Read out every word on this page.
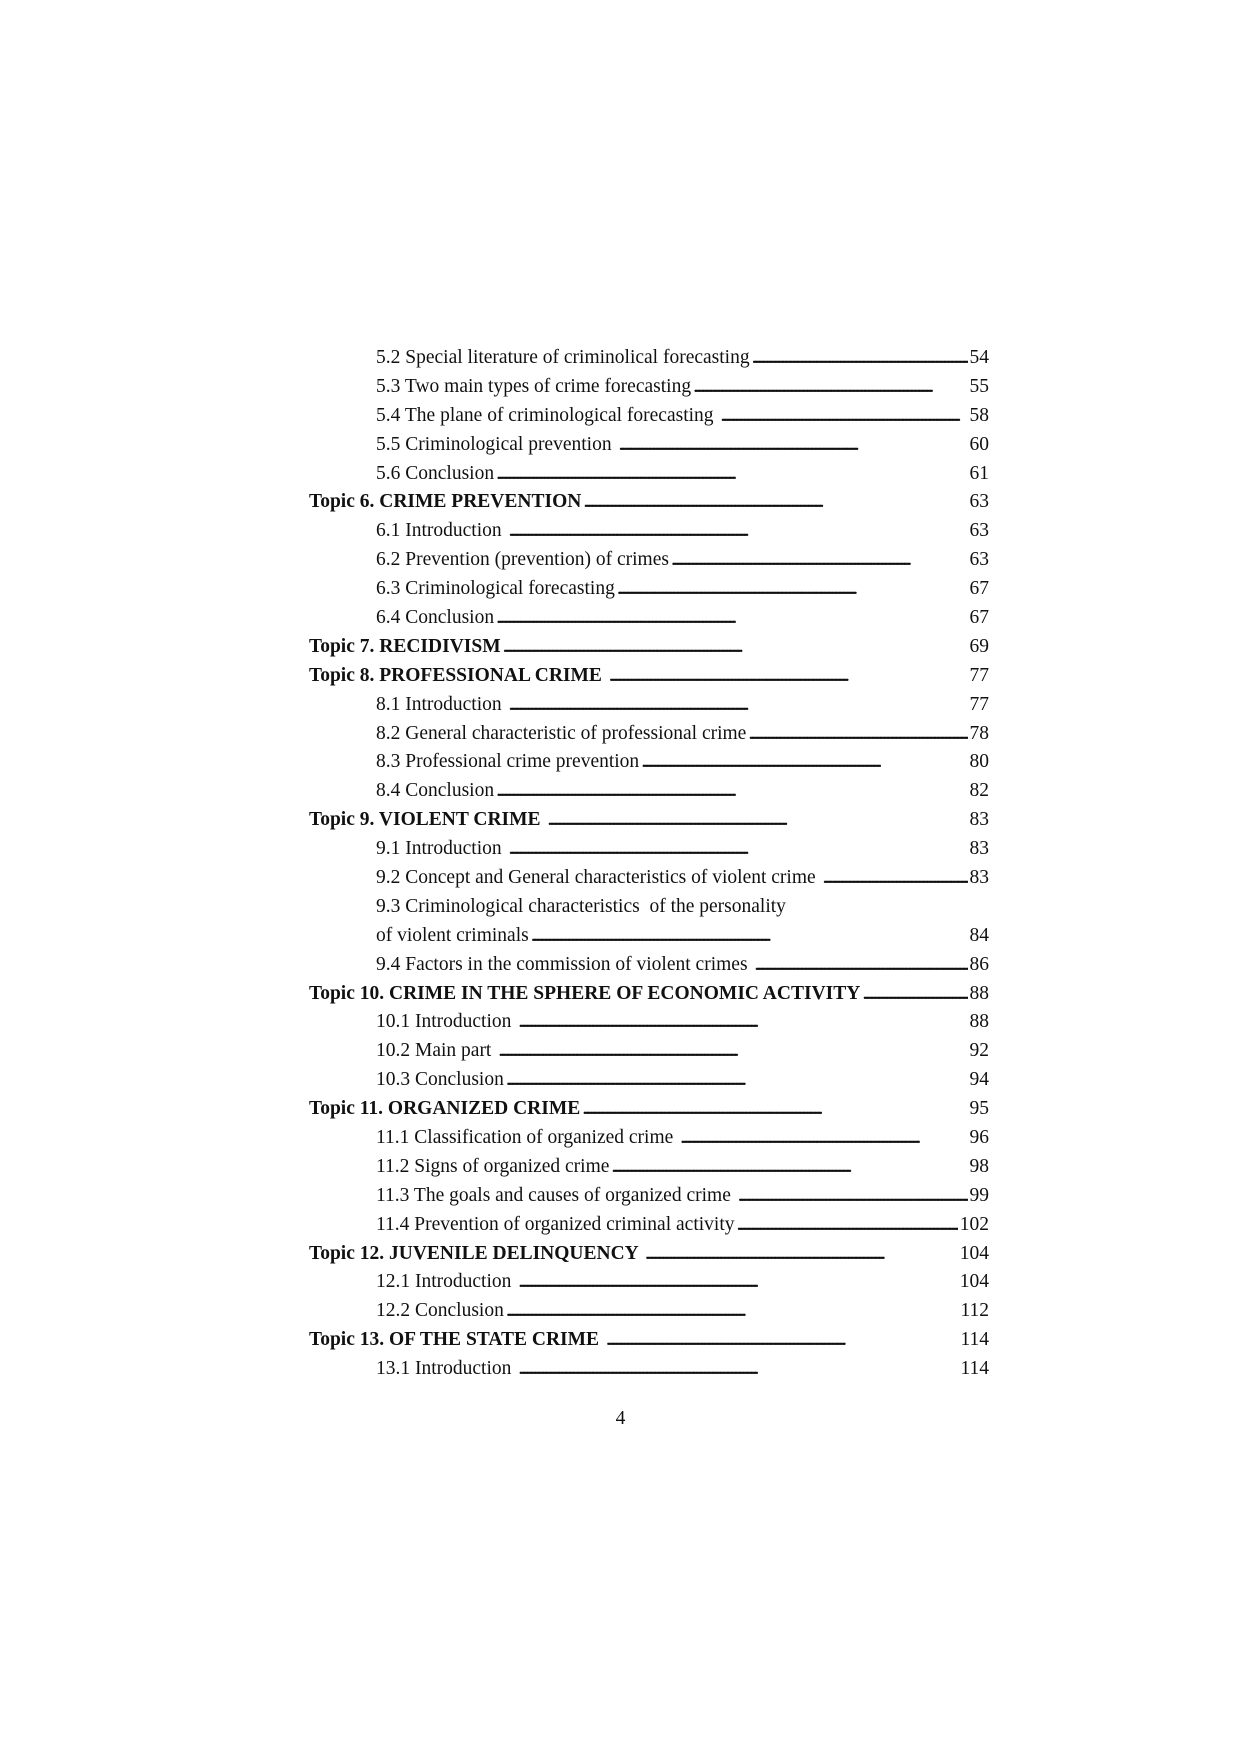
5.2 Special literature of criminolical forecasting . . .	54
5.3 Two main types of crime forecasting . . .	55
5.4 The plane of criminological forecasting . . .	58
5.5 Criminological prevention . . .	60
5.6 Conclusion . . .	61
Topic 6. CRIME PREVENTION . . .	63
6.1 Introduction . . .	63
6.2 Prevention (prevention) of crimes . . .	63
6.3 Criminological forecasting . . .	67
6.4 Conclusion . . .	67
Topic 7. RECIDIVISM . . .	69
Topic 8. PROFESSIONAL CRIME . . .	77
8.1 Introduction . . .	77
8.2 General characteristic of professional crime . . .	78
8.3 Professional crime prevention . . .	80
8.4 Conclusion . . .	82
Topic 9. VIOLENT CRIME . . .	83
9.1 Introduction . . .	83
9.2 Concept and General characteristics of violent crime . . .	83
9.3 Criminological characteristics  of the personality
of violent criminals . . .	84
9.4 Factors in the commission of violent crimes . . .	86
Topic 10. CRIME IN THE SPHERE OF ECONOMIC ACTIVITY . . .	88
10.1 Introduction . . .	88
10.2 Main part . . .	92
10.3 Conclusion . . .	94
Topic 11. ORGANIZED CRIME . . .	95
11.1 Classification of organized crime . . .	96
11.2 Signs of organized crime . . .	98
11.3 The goals and causes of organized crime . . .	99
11.4 Prevention of organized criminal activity . . .	102
Topic 12. JUVENILE DELINQUENCY . . .	104
12.1 Introduction . . .	104
12.2 Conclusion . . .	112
Topic 13. OF THE STATE CRIME . . .	114
13.1 Introduction . . .	114
4
